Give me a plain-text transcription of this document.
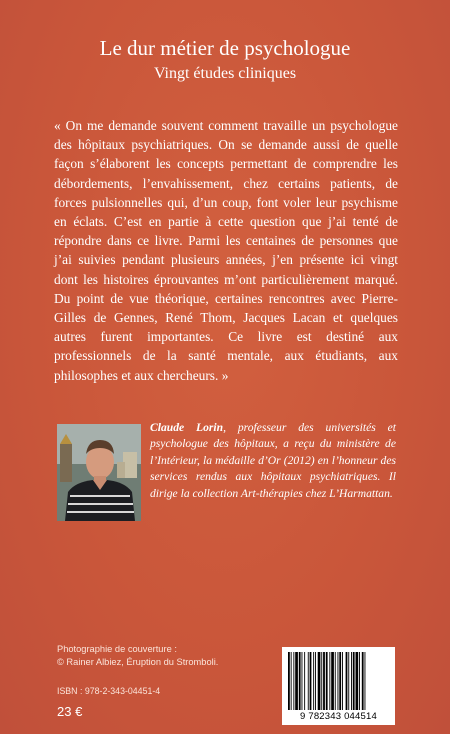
Le dur métier de psychologue
Vingt études cliniques

« On me demande souvent comment travaille un psychologue des hôpitaux psychiatriques. On se demande aussi de quelle façon s’élaborent les concepts permettant de comprendre les débordements, l’envahissement, chez certains patients, de forces pulsionnelles qui, d’un coup, font voler leur psychisme en éclats. C’est en partie à cette question que j’ai tenté de répondre dans ce livre. Parmi les centaines de personnes que j’ai suivies pendant plusieurs années, j’en présente ici vingt dont les histoires éprouvantes m’ont particulièrement marqué. Du point de vue théorique, certaines rencontres avec Pierre-Gilles de Gennes, René Thom, Jacques Lacan et quelques autres furent importantes. Ce livre est destiné aux professionnels de la santé mentale, aux étudiants, aux philosophes et aux chercheurs. »

Claude Lorin, professeur des universités et psychologue des hôpitaux, a reçu du ministère de l’Intérieur, la médaille d’Or (2012) en l’honneur des services rendus aux hôpitaux psychiatriques. Il dirige la collection Art-thérapies chez L’Harmattan.

Photographie de couverture :
© Rainer Albiez, Éruption du Stromboli.
ISBN : 978-2-343-04451-4
23 €	9 782343 044514
